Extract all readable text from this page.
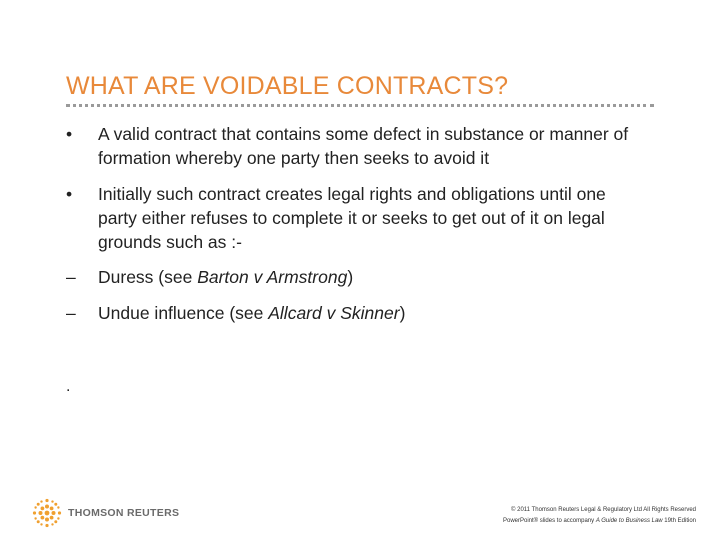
WHAT ARE VOIDABLE CONTRACTS?
•	A valid contract that contains some defect in substance or manner of formation whereby one party then seeks to avoid it
•	Initially such contract creates legal rights and obligations until one party either refuses to complete it or seeks to get out of it on legal grounds such as :-
– Duress (see Barton v Armstrong)
– Undue influence (see Allcard v Skinner)
.
THOMSON REUTERS	© 2011 Thomson Reuters Legal & Regulatory Ltd All Rights Reserved
PowerPoint® slides to accompany A Guide to Business Law 19th Edition
